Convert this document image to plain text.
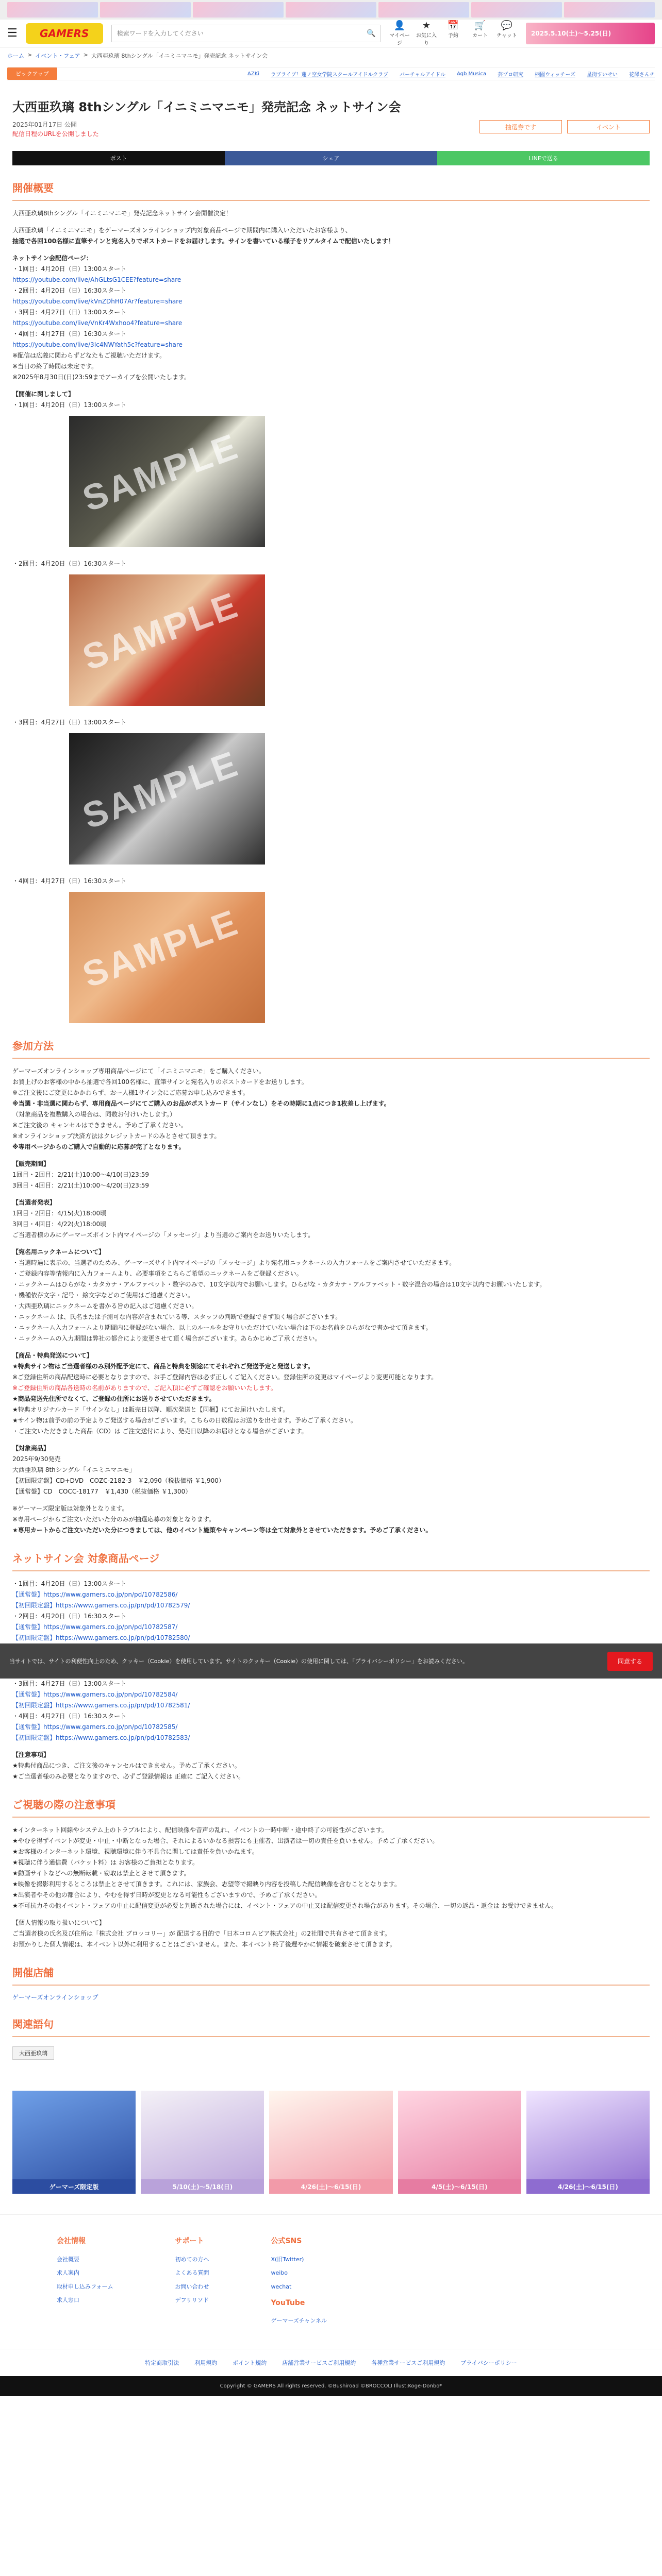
☰	GAMERS
検索ワードを入力してください	🔍
👤
マイページ
★
お気に入り
📅
予約
🛒
カート
💬
チャット	2025.5.10(土)〜5.25(日)
ホーム > イベント・フェア > 大西亜玖璃 8thシングル「イニミニマニモ」発売記念 ネットサイン会
ピックアップ	AZKi ラブライブ！蓮ノ空女学院スクールアイドルクラブ バーチャルアイドル Aqb Musica 芸プロ研究 柄園ウィッチーズ 星街すいせい 花澤さんチ
大西亜玖璃 8thシングル「イニミニマニモ」発売記念 ネットサイン会
2025年01月17日 公開
配信日程のURLを公開しました
抽選券です	イベント
ポスト	シェア	LINEで送る
開催概要

大西亜玖璃8thシングル「イニミニマニモ」発売記念ネットサイン会開催決定！

大西亜玖璃「イニミニマニモ」をゲーマーズオンラインショップ内対象商品ページで期間内に購入いただいたお客様より、

抽選で各回100名様に直筆サインと宛名入りでポストカードをお届けします。サインを書いている様子をリアルタイムで配信いたします！

ネットサイン会配信ページ：

・1回目：4月20日（日）13:00スタート
https://youtube.com/live/AhGLtsG1CEE?feature=share
・2回目：4月20日（日）16:30スタート
https://youtube.com/live/kVnZDhH07Ar?feature=share
・3回目：4月27日（日）13:00スタート
https://youtube.com/live/VnKr4Wxhoo4?feature=share
・4回目：4月27日（日）16:30スタート
https://youtube.com/live/3Ic4NWYath5c?feature=share
※配信は広義に関わらずどなたもご視聴いただけます。
※当日の終了時間は未定です。
※2025年8月30日(日)23:59までアーカイブを公開いたします。

【開催に関しまして】

・1回目：4月20日（日）13:00スタート
SAMPLE
・2回目：4月20日（日）16:30スタート
SAMPLE
・3回目：4月27日（日）13:00スタート
SAMPLE
・4回目：4月27日（日）16:30スタート
SAMPLE
参加方法
ゲーマーズオンラインショップ専用商品ページにて「イニミニマニモ」をご購入ください。
お買上げのお客様の中から抽選で各回100名様に、直筆サインと宛名入りのポストカードをお送りします。
※ご注文後にご変更にかかわらず、おー人様1サイン会にご応募お申し込みできます。
※当選・非当選に関わらず、専用商品ページにてご購入のお品がポストカード（サインなし）をその時期に1点につき1枚差し上げます。
（対象商品を複数購入の場合は、同数お付けいたします。）
※ご注文後の キャンセルはできません。予めご了承ください。
※オンラインショップ決済方法はクレジットカードのみとさせて頂きます。
※専用ページからのご購入で自動的に応募が完了となります。
【販売期間】
1回目・2回目：2/21(土)10:00〜4/10(日)23:59
3回目・4回目：2/21(土)10:00〜4/20(日)23:59
【当選者発表】
1回目・2回目：4/15(火)18:00頃
3回目・4回目：4/22(火)18:00頃
ご当選者様のみにゲーマーズポイント内マイページの「メッセージ」より当選のご案内をお送りいたします。
【宛名用ニックネームについて】
・当選時過に表示の、当選者のためみ、ゲーマーズサイト内マイページの「メッセージ」より宛名用ニックネームの入力フォームをご案内させていただきます。
・ご登録内容等情報内に入力フォームより、必要事項をこちらご希望のニックネームをご登録ください。
・ニックネームはひらがな・カタカナ・アルファベット・数字のみで、10文字以内でお願いします。ひらがな・カタカナ・アルファベット・数字混合の場合は10文字以内でお願いいたします。
・機種依存文字・記号・ 絵文字などのご使用はご遠慮ください。
・大西亜玖璃にニックネームを書かる旨の記入はご遠慮ください。
・ニックネーム は、氏名または予測可な内容が含まれている等、スタッフの判断で登録できず頂く場合がございます。
・ニックネーム入力フォームより期間内に登録がない場合、以上のルールをお守りいただけていない場合は下のお名前をひらがなで書かせて頂きます。
・ニックネームの入力期間は弊社の都合により変更させて頂く場合がございます。あらかじめご了承ください。
【商品・特典発送について】
★特典サイン物はご当選者様のみ別外配予定にて、商品と特典を別途にてそれぞれご発送予定と発送します。
※ご登録住所の商品配送時に必要となりますので、お手ご登録内容は必ず正しくご記入ください。登録住所の変更はマイページより変更可能となります。
※ご登録住所の商品各送時の名前がありますので、ご記入頂に必ずご確認をお願いいたします。
★商品発送先住所でなくて、ご登録の住所にお送りさせていただきます。
★特典オリジナルカード「サインなし」は販売日以降、順次発送と【同梱】にてお届けいたします。
★サイン物は前予の前の予定よりご発送する場合がございます。こちらの日数程はお送りを出せます。予めご了承ください。
・ご注文いただきました商品（CD）は ご注文送付により、発売日以降のお届けとなる場合がございます。
【対象商品】
2025年9/30発売
大西亜玖璃 8thシングル「イニミニマニモ」
【初回限定盤】CD+DVD　COZC-2182-3　￥2,090（税抜価格 ￥1,900）
【通常盤】CD　COCC-18177　￥1,430（税抜価格 ￥1,300）
※ゲーマーズ限定版は対象外となります。
※専用ページからご注文いただいた分のみが抽選応募の対象となります。
★専用カートからご注文いただいた分につきましては、他のイベント施策やキャンペーン等は全て対象外とさせていただきます。予めご了承ください。
ネットサイン会 対象商品ページ
・1回目：4月20日（日）13:00スタート
【通常盤】https://www.gamers.co.jp/pn/pd/10782586/
【初回限定盤】https://www.gamers.co.jp/pn/pd/10782579/
・2回目：4月20日（日）16:30スタート
【通常盤】https://www.gamers.co.jp/pn/pd/10782587/
【初回限定盤】https://www.gamers.co.jp/pn/pd/10782580/
当サイトでは、サイトの利便性向上のため、クッキー（Cookie）を使用しています。サイトのクッキー（Cookie）の使用に関しては、「プライバシーポリシー」をお読みください。	同意する
・3回目：4月27日（日）13:00スタート
【通常盤】https://www.gamers.co.jp/pn/pd/10782584/
【初回限定盤】https://www.gamers.co.jp/pn/pd/10782581/
・4回目：4月27日（日）16:30スタート
【通常盤】https://www.gamers.co.jp/pn/pd/10782585/
【初回限定盤】https://www.gamers.co.jp/pn/pd/10782583/
【注意事項】
★特典付商品につき、ご注文後のキャンセルはできません。予めご了承ください。
★ご当選者様のみ必要となりますので、必ずご登録情報は 正確に ご記入ください。
ご視聴の際の注意事項
★インターネット回線やシステム上のトラブルにより、配信映像や音声の乱れ、イベントの一時中断・途中終了の可能性がございます。
★やむを得ずイベントが変更・中止・中断となった場合、それによるいかなる損害にも主催者、出演者は一切の責任を負いません。予めご了承ください。
★お客様のインターネット環境、視聴環境に伴う不具合に関しては責任を負いかねます。
★視聴に伴う通信費（パケット料）は お客様のご負担となります。
★動画サイトなどへの無断転載・窃取は禁止とさせて頂きます。
★映像を撮影利用するところは禁止とさせて頂きます。これには、家族会、志望等で撮映り内容を投稿した配信映像を含むこととなります。
★出演者やその他の都合により、やむを得ず日時が変更となる可能性もございますので、予めご了承ください。
★不可抗力その他イベント・フェアの中止に配信変更が必要と判断された場合には、イベント・フェアの中止又は配信変更され場合があります。その場合、一切の返品・返金は お受けできません。
【個人情報の取り扱いについて】
ご当選者様の氏名及び住所は「株式会社 ブロッコリー」が 配送する目的で「日本コロムビア株式会社」の2社間で共有させて頂きます。
お預かりした個人情報は、本イベント以外に利用することはございません。また、本イベント終了後遅やかに情報を破棄させて頂きます。
開催店舗
ゲーマーズオンラインショップ
関連語句
大西亜玖璃
ゲーマーズ限定版	5/10(土)〜5/18(日)	4/26(土)〜6/15(日)	4/5(土)〜6/15(日)	4/26(土)〜6/15(日)
会社情報
会社概要
求人案内
取材申し込みフォーム
求人窓口
サポート
初めての方へ
よくある質問
お問い合わせ
デフリリソド
公式SNS
X(旧Twitter)
weibo
wechat
YouTube
ゲーマーズチャンネル
特定商取引法	利用規約	ポイント規約	店舗営業サービスご利用規約	各種営業サービスご利用規約	プライバシーポリシー
Copyright © GAMERS All rights reserved. ©Bushiroad ©BROCCOLI Illust:Koge-Donbo*
